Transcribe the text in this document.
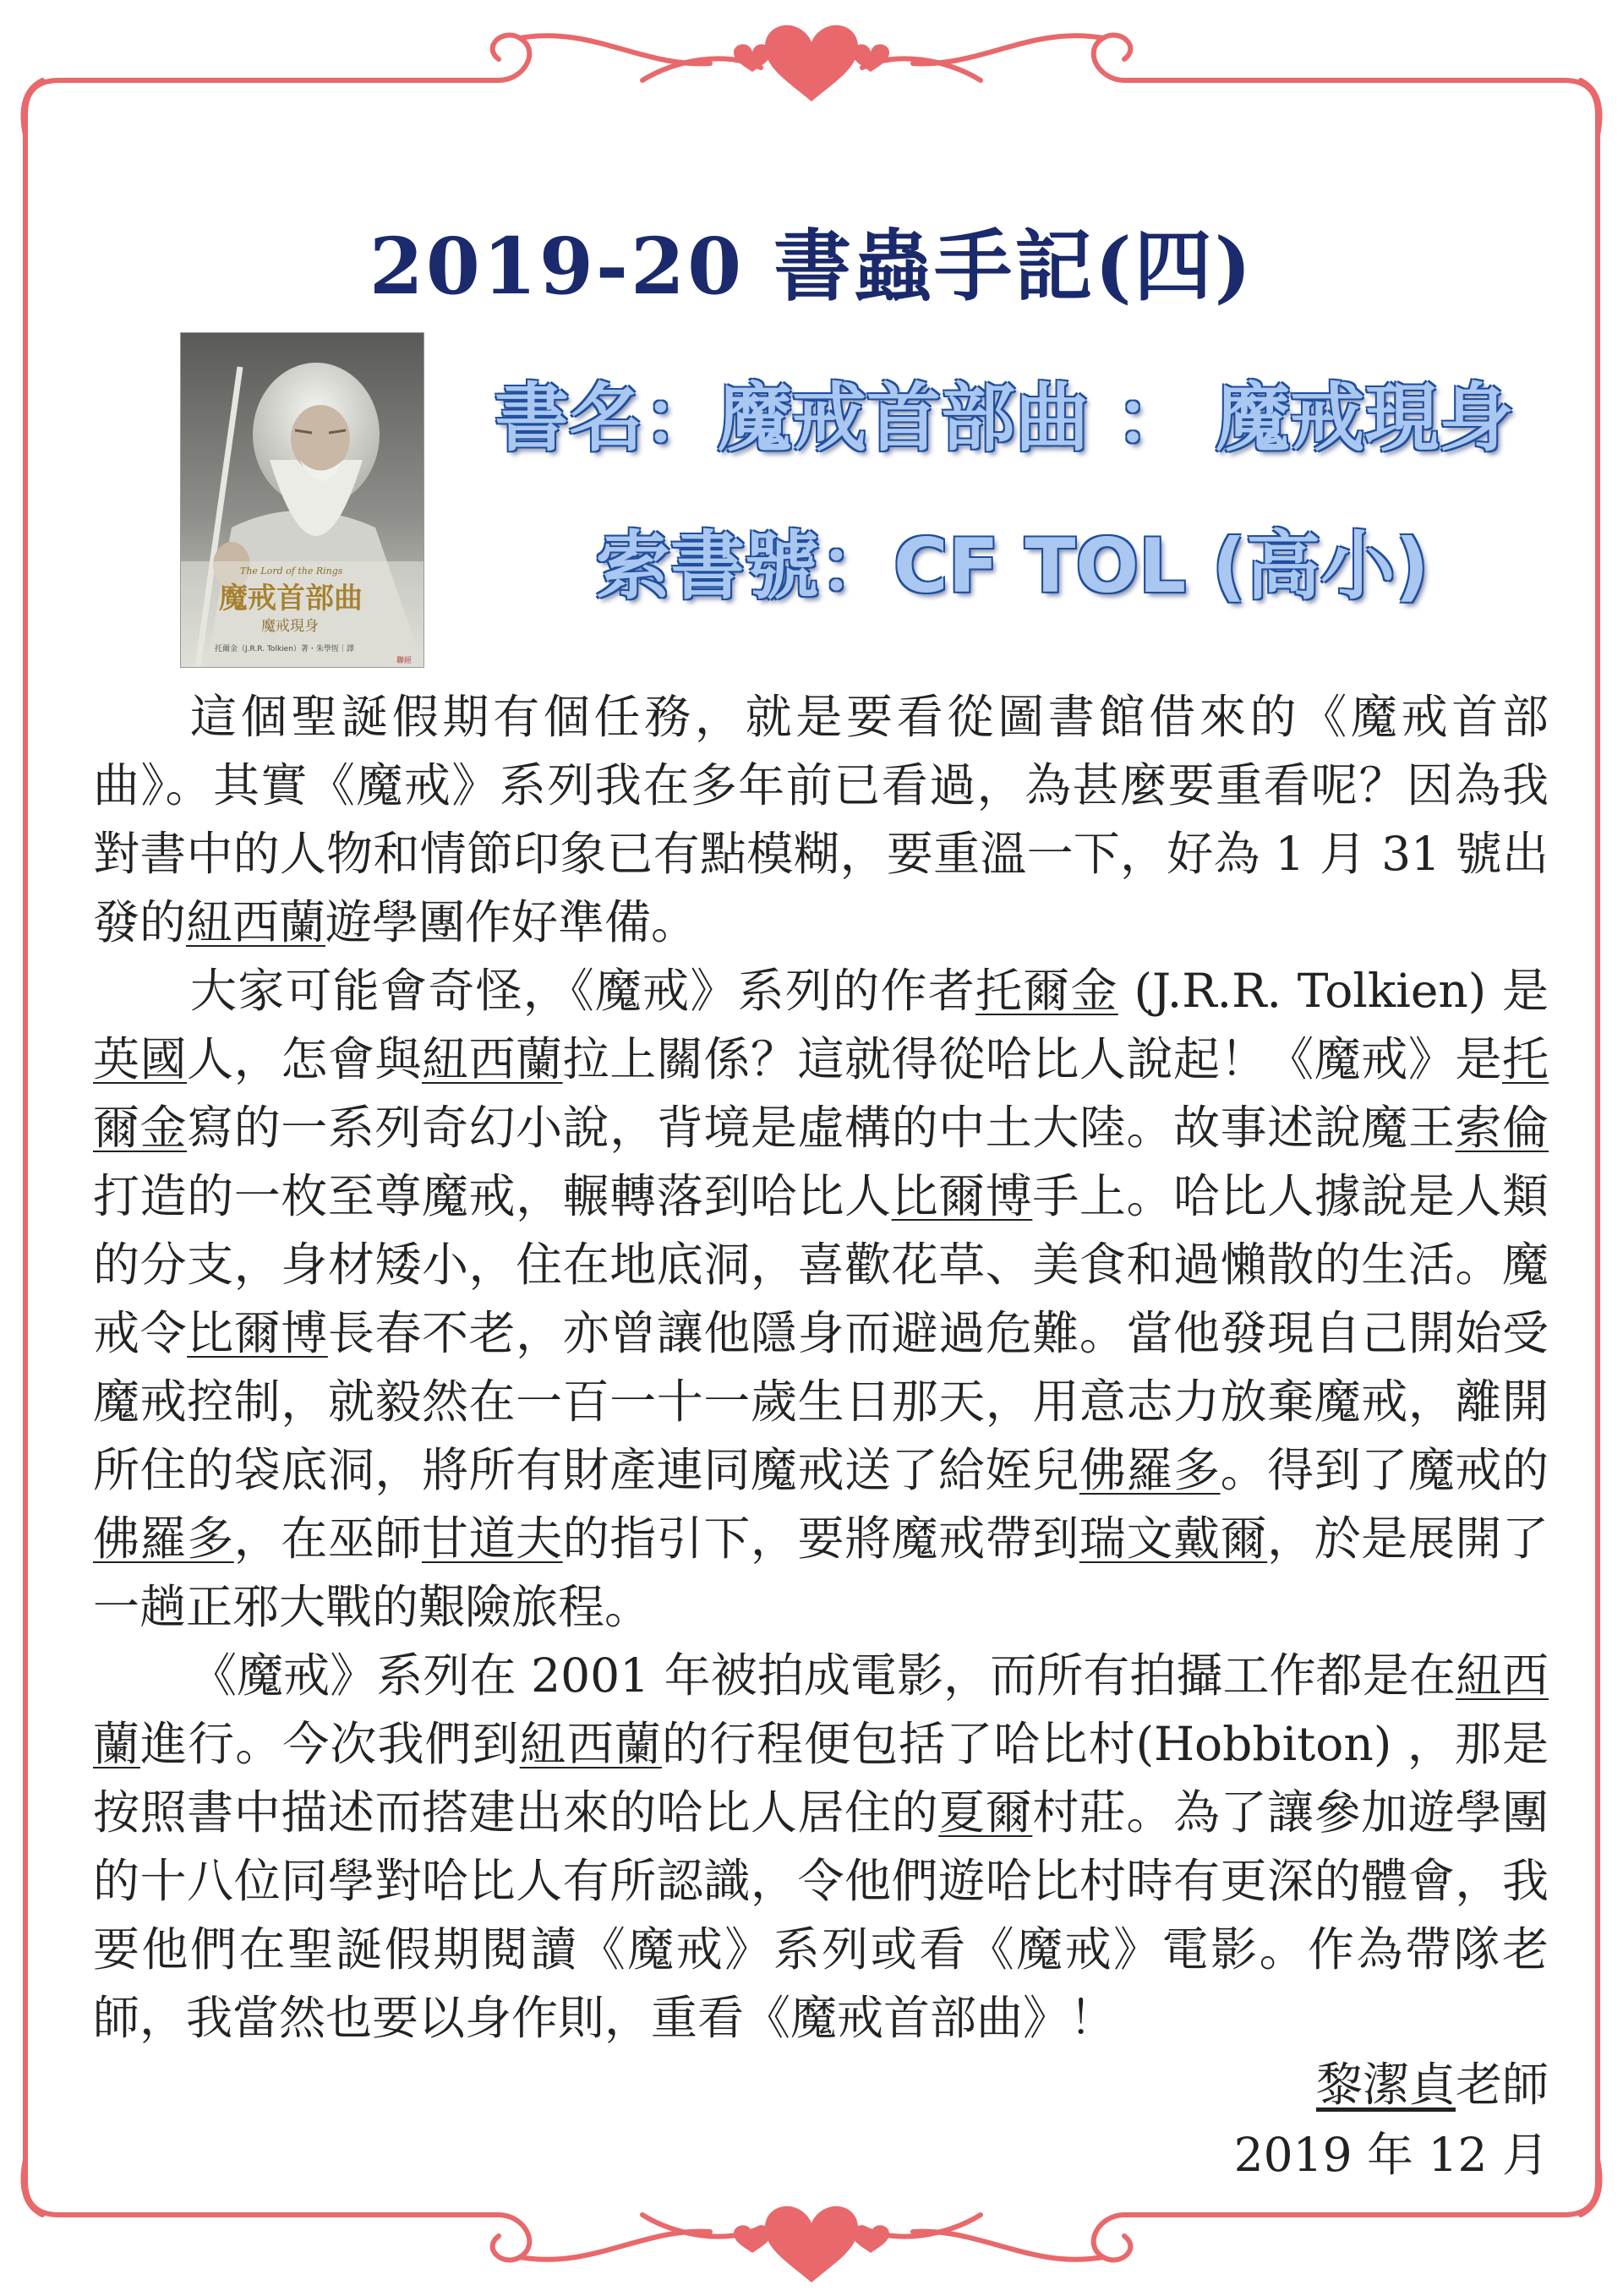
2019-20 書蟲手記(四)
The Lord of the Rings
魔戒首部曲
魔戒現身
托爾金（J.R.R. Tolkien）著・朱學恆｜譯
聯經
書名：魔戒首部曲 ： 魔戒現身
索書號：CF TOL (高小)

這個聖誕假期有個任務，就是要看從圖書館借來的《魔戒首部曲》。其實《魔戒》系列我在多年前已看過，為甚麼要重看呢？因為我對書中的人物和情節印象已有點模糊，要重溫一下，好為 1 月 31 號出發的紐西蘭遊學團作好準備。

大家可能會奇怪，《魔戒》系列的作者托爾金 (J.R.R. Tolkien) 是英國人，怎會與紐西蘭拉上關係？這就得從哈比人說起！《魔戒》是托爾金寫的一系列奇幻小說，背境是虛構的中土大陸。故事述說魔王索倫打造的一枚至尊魔戒，輾轉落到哈比人比爾博手上。哈比人據說是人類的分支，身材矮小，住在地底洞，喜歡花草、美食和過懶散的生活。魔戒令比爾博長春不老，亦曾讓他隱身而避過危難。當他發現自己開始受魔戒控制，就毅然在一百一十一歲生日那天，用意志力放棄魔戒，離開所住的袋底洞，將所有財產連同魔戒送了給姪兒佛羅多。得到了魔戒的佛羅多，在巫師甘道夫的指引下，要將魔戒帶到瑞文戴爾，於是展開了一趟正邪大戰的艱險旅程。

《魔戒》系列在 2001 年被拍成電影，而所有拍攝工作都是在紐西蘭進行。今次我們到紐西蘭的行程便包括了哈比村(Hobbiton) ，那是按照書中描述而搭建出來的哈比人居住的夏爾村莊。為了讓參加遊學團的十八位同學對哈比人有所認識，令他們遊哈比村時有更深的體會，我要他們在聖誕假期閱讀《魔戒》系列或看《魔戒》電影。作為帶隊老師，我當然也要以身作則，重看《魔戒首部曲》！

黎潔貞老師
2019 年 12 月
